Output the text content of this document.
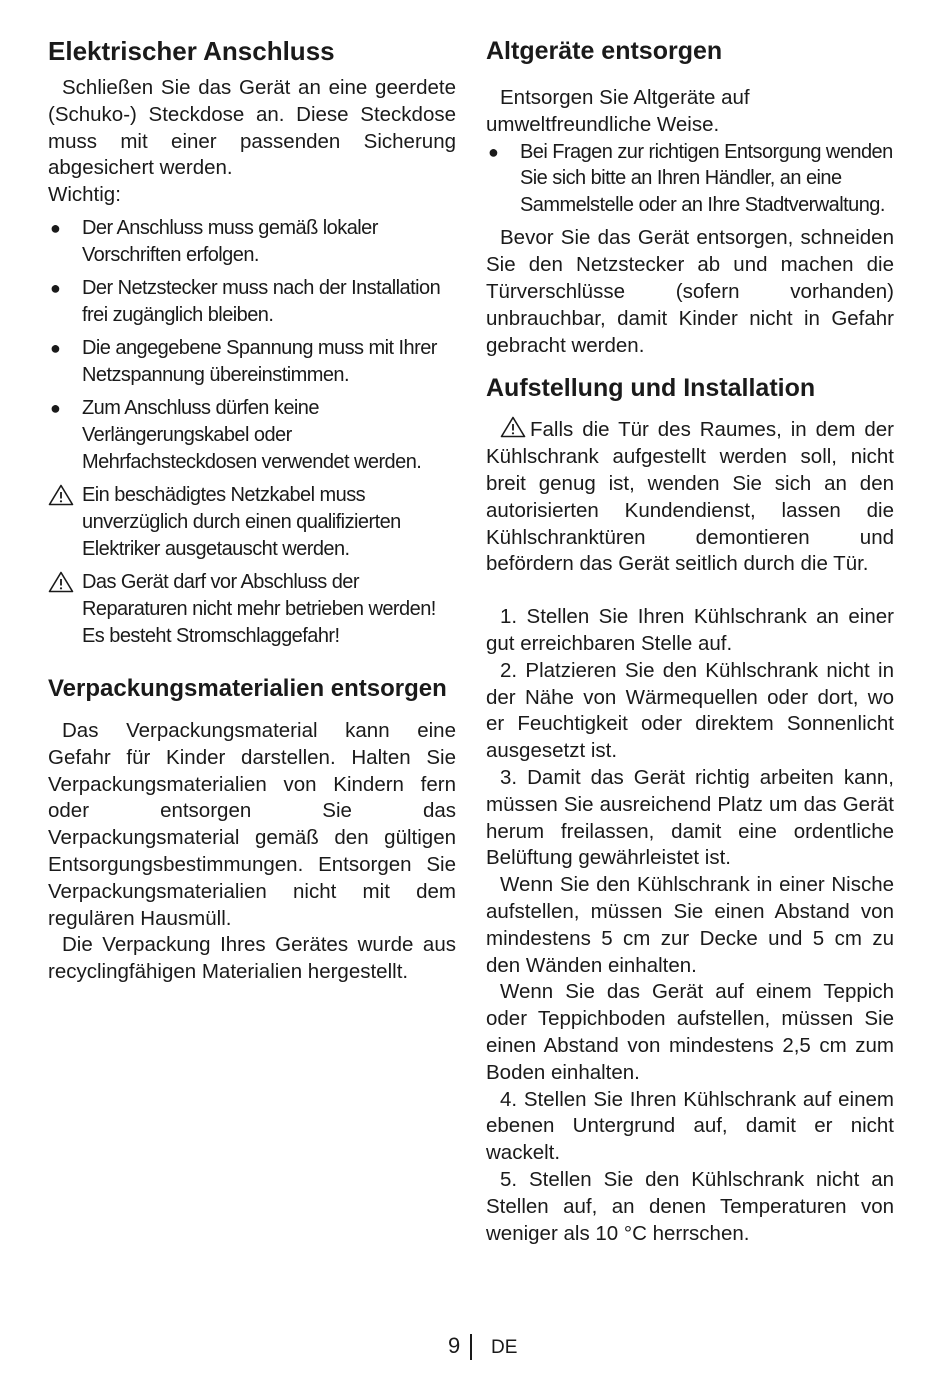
Elektrischer Anschluss

Schließen Sie das Gerät an eine geerdete (Schuko-) Steckdose an. Diese Steckdose muss mit einer passenden Sicherung abgesichert werden.

Wichtig:

● Der Anschluss muss gemäß lokaler Vorschriften erfolgen.
● Der Netzstecker muss nach der Installation frei zugänglich bleiben.
● Die angegebene Spannung muss mit Ihrer Netzspannung übereinstimmen.
● Zum Anschluss dürfen keine Verlängerungskabel oder Mehrfachsteckdosen verwendet werden.
Ein beschädigtes Netzkabel muss unverzüglich durch einen qualifizierten Elektriker ausgetauscht werden.
Das Gerät darf vor Abschluss der Reparaturen nicht mehr betrieben werden! Es besteht Stromschlaggefahr!
Verpackungsmaterialien entsorgen

Das Verpackungsmaterial kann eine Gefahr für Kinder darstellen. Halten Sie Verpackungsmaterialien von Kindern fern oder entsorgen Sie das Verpackungsmaterial gemäß den gültigen Entsorgungsbestimmungen. Entsorgen Sie Verpackungsmaterialien nicht mit dem regulären Hausmüll.

Die Verpackung Ihres Gerätes wurde aus recyclingfähigen Materialien hergestellt.

Altgeräte entsorgen

Entsorgen Sie Altgeräte auf umweltfreundliche Weise.

● Bei Fragen zur richtigen Entsorgung wenden Sie sich bitte an Ihren Händler, an eine Sammelstelle oder an Ihre Stadtverwaltung.

Bevor Sie das Gerät entsorgen, schneiden Sie den Netzstecker ab und machen die Türverschlüsse (sofern vorhanden) unbrauchbar, damit Kinder nicht in Gefahr gebracht werden.

Aufstellung und Installation

Falls die Tür des Raumes, in dem der Kühlschrank aufgestellt werden soll, nicht breit genug ist, wenden Sie sich an den autorisierten Kundendienst, lassen die Kühlschranktüren demontieren und befördern das Gerät seitlich durch die Tür.

1. Stellen Sie Ihren Kühlschrank an einer gut erreichbaren Stelle auf.

2. Platzieren Sie den Kühlschrank nicht in der Nähe von Wärmequellen oder dort, wo er Feuchtigkeit oder direktem Sonnenlicht ausgesetzt ist.

3. Damit das Gerät richtig arbeiten kann, müssen Sie ausreichend Platz um das Gerät herum freilassen, damit eine ordentliche Belüftung gewährleistet ist.

Wenn Sie den Kühlschrank in einer Nische aufstellen, müssen Sie einen Abstand von mindestens 5 cm zur Decke und 5 cm zu den Wänden einhalten.

Wenn Sie das Gerät auf einem Teppich oder Teppichboden aufstellen, müssen Sie einen Abstand von mindestens 2,5 cm zum Boden einhalten.

4. Stellen Sie Ihren Kühlschrank auf einem ebenen Untergrund auf, damit er nicht wackelt.

5. Stellen Sie den Kühlschrank nicht an Stellen auf, an denen Temperaturen von weniger als 10 °C herrschen.

9 DE
